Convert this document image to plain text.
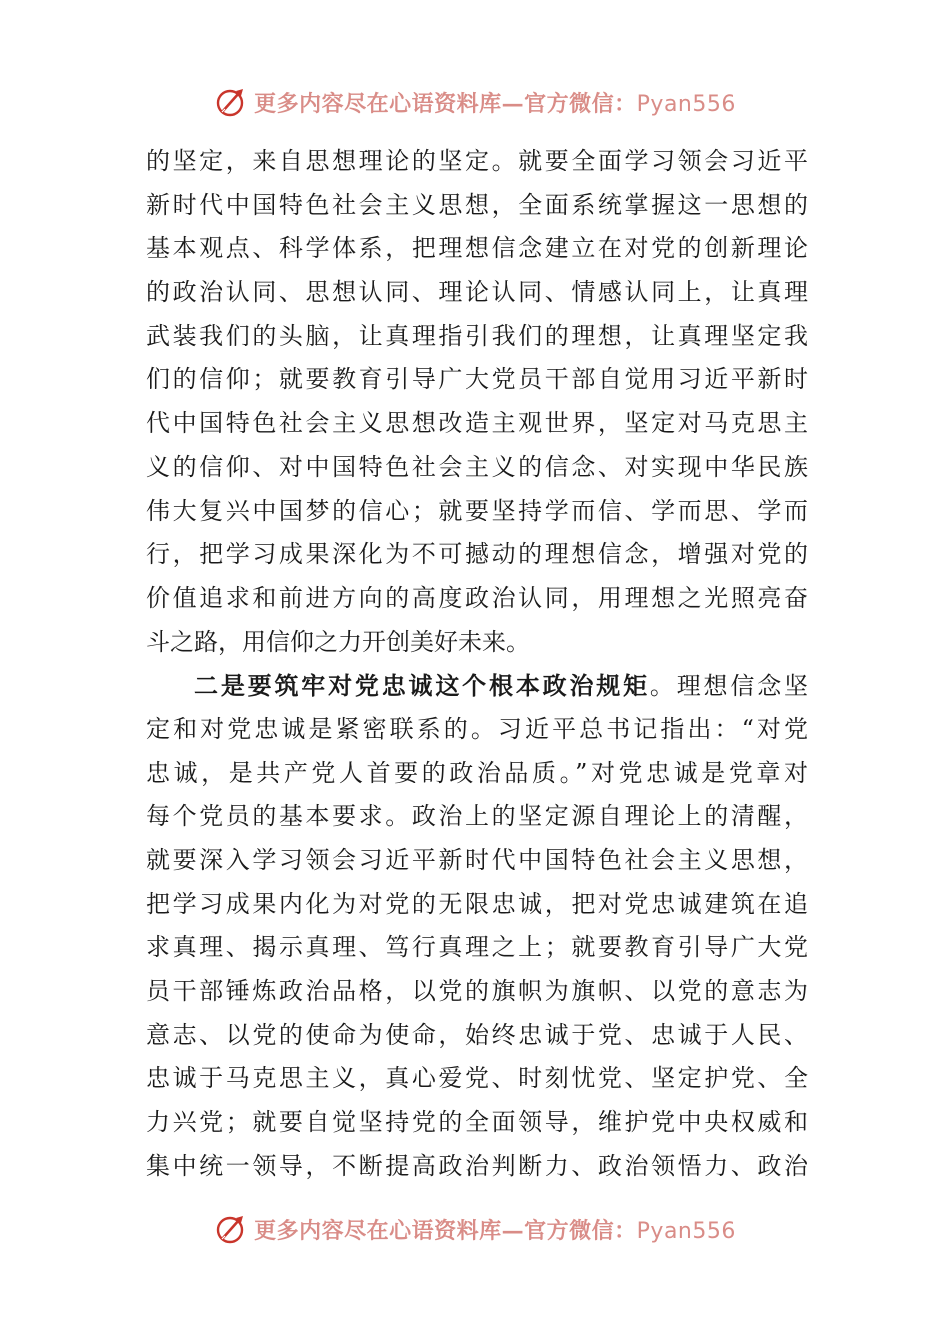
更多内容尽在心语资料库—官方微信：Pyan556
的坚定，来自思想理论的坚定。就要全面学习领会习近平
新时代中国特色社会主义思想，全面系统掌握这一思想的
基本观点、科学体系，把理想信念建立在对党的创新理论
的政治认同、思想认同、理论认同、情感认同上，让真理
武装我们的头脑，让真理指引我们的理想，让真理坚定我
们的信仰；就要教育引导广大党员干部自觉用习近平新时
代中国特色社会主义思想改造主观世界，坚定对马克思主
义的信仰、对中国特色社会主义的信念、对实现中华民族
伟大复兴中国梦的信心；就要坚持学而信、学而思、学而
行，把学习成果深化为不可撼动的理想信念，增强对党的
价值追求和前进方向的高度政治认同，用理想之光照亮奋
斗之路，用信仰之力开创美好未来。
二是要筑牢对党忠诚这个根本政治规矩。理想信念坚
定和对党忠诚是紧密联系的。习近平总书记指出：“对党
忠诚，是共产党人首要的政治品质。”对党忠诚是党章对
每个党员的基本要求。政治上的坚定源自理论上的清醒，
就要深入学习领会习近平新时代中国特色社会主义思想，
把学习成果内化为对党的无限忠诚，把对党忠诚建筑在追
求真理、揭示真理、笃行真理之上；就要教育引导广大党
员干部锤炼政治品格，以党的旗帜为旗帜、以党的意志为
意志、以党的使命为使命，始终忠诚于党、忠诚于人民、
忠诚于马克思主义，真心爱党、时刻忧党、坚定护党、全
力兴党；就要自觉坚持党的全面领导，维护党中央权威和
集中统一领导，不断提高政治判断力、政治领悟力、政治
更多内容尽在心语资料库—官方微信：Pyan556
